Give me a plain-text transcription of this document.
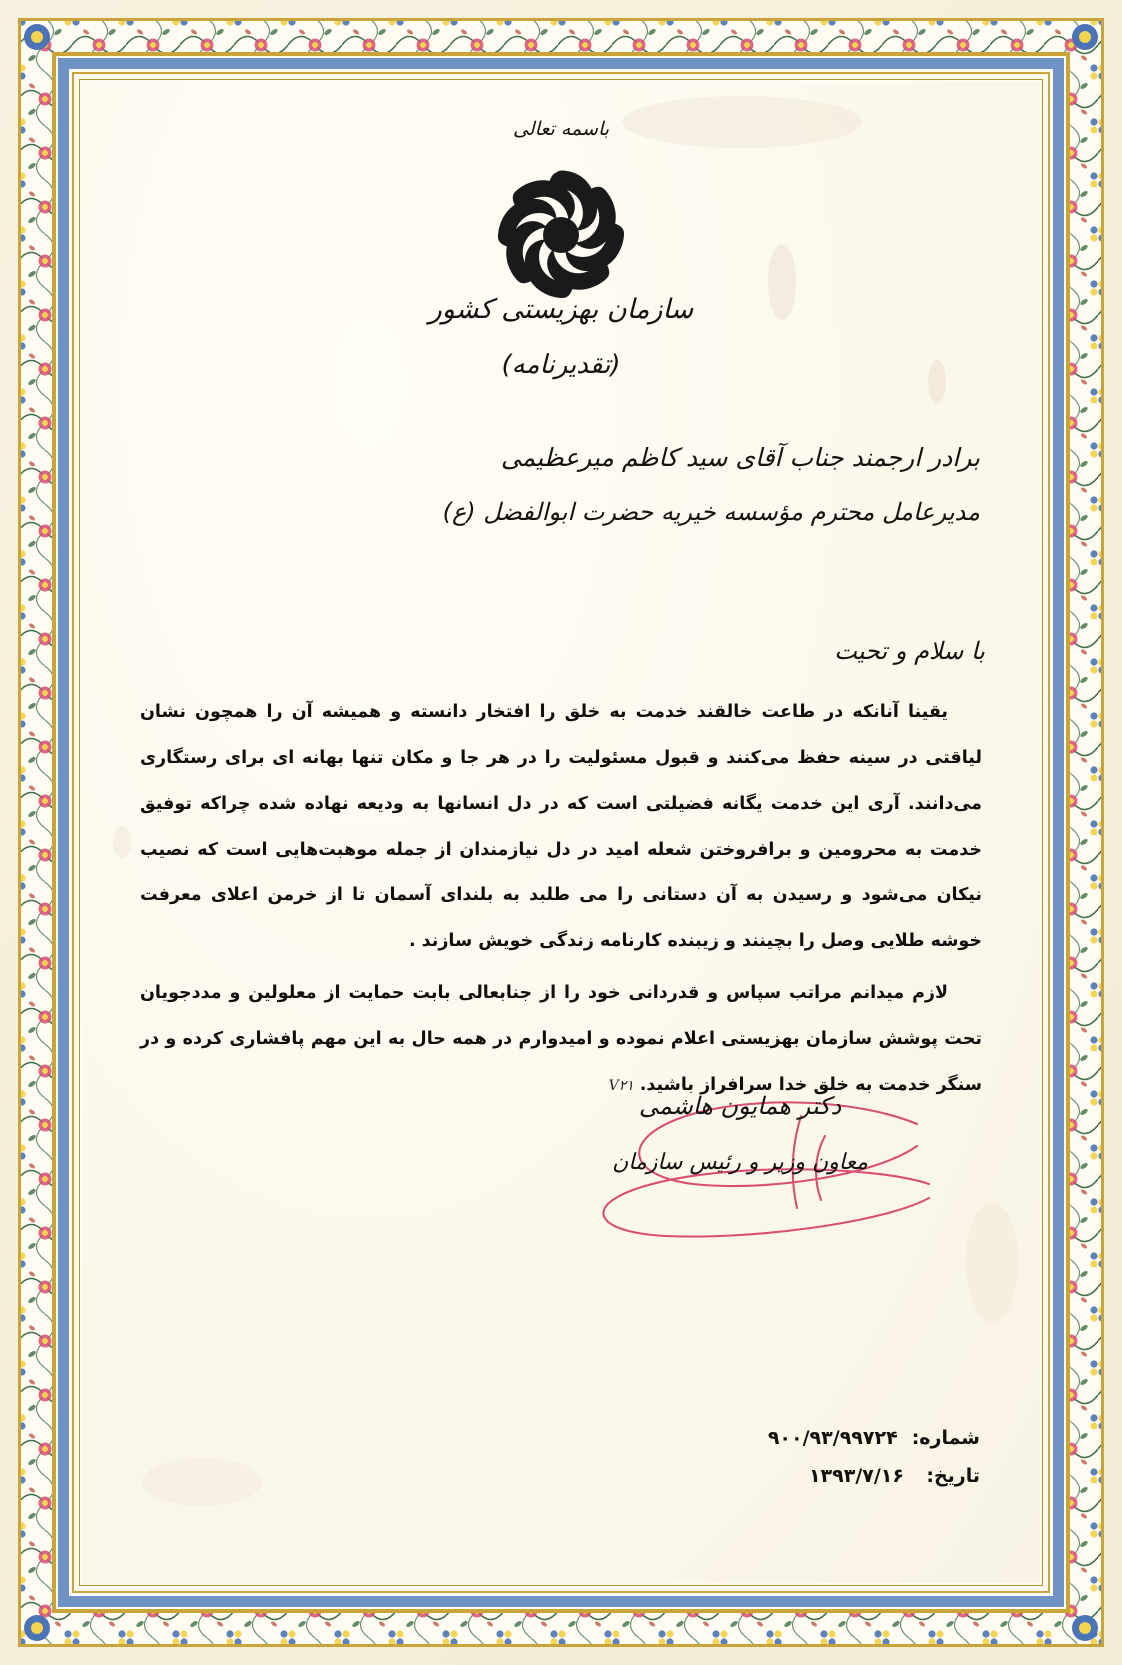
باسمه تعالی
سازمان بهزیستی کشور
(تقدیرنامه)
برادر ارجمند جناب آقای سید کاظم میرعظیمی
مدیرعامل محترم مؤسسه خیریه حضرت ابوالفضل (ع)
با سلام و تحیت

یقینا آنانکه در طاعت خالقند خدمت به خلق را افتخار دانسته و همیشه آن را همچون نشان لیاقتی در سینه حفظ می‌کنند و قبول مسئولیت را در هر جا و مکان تنها بهانه ای برای رستگاری می‌دانند. آری این خدمت یگانه فضیلتی است که در دل انسانها به ودیعه نهاده شده چراکه توفیق خدمت به محرومین و برافروختن شعله امید در دل نیازمندان از جمله موهبت‌هایی است که نصیب نیکان می‌شود و رسیدن به آن دستانی را می طلبد به بلندای آسمان تا از خرمن اعلای معرفت خوشه طلایی وصل را بچینند و زیبنده کارنامه زندگی خویش سازند .

لازم میدانم مراتب سپاس و قدردانی خود را از جنابعالی بابت حمایت از معلولین و مددجویان تحت پوشش سازمان بهزیستی اعلام نموده و امیدوارم در همه حال به این مهم پافشاری کرده و در سنگر خدمت به خلق خدا سرافراز باشید.V۲۱

دکتر همایون هاشمی
معاون وزیر و رئیس سازمان
شماره:
۹۰۰/۹۳/۹۹۷۲۴
تاریخ:
۱۳۹۳/۷/۱۶
